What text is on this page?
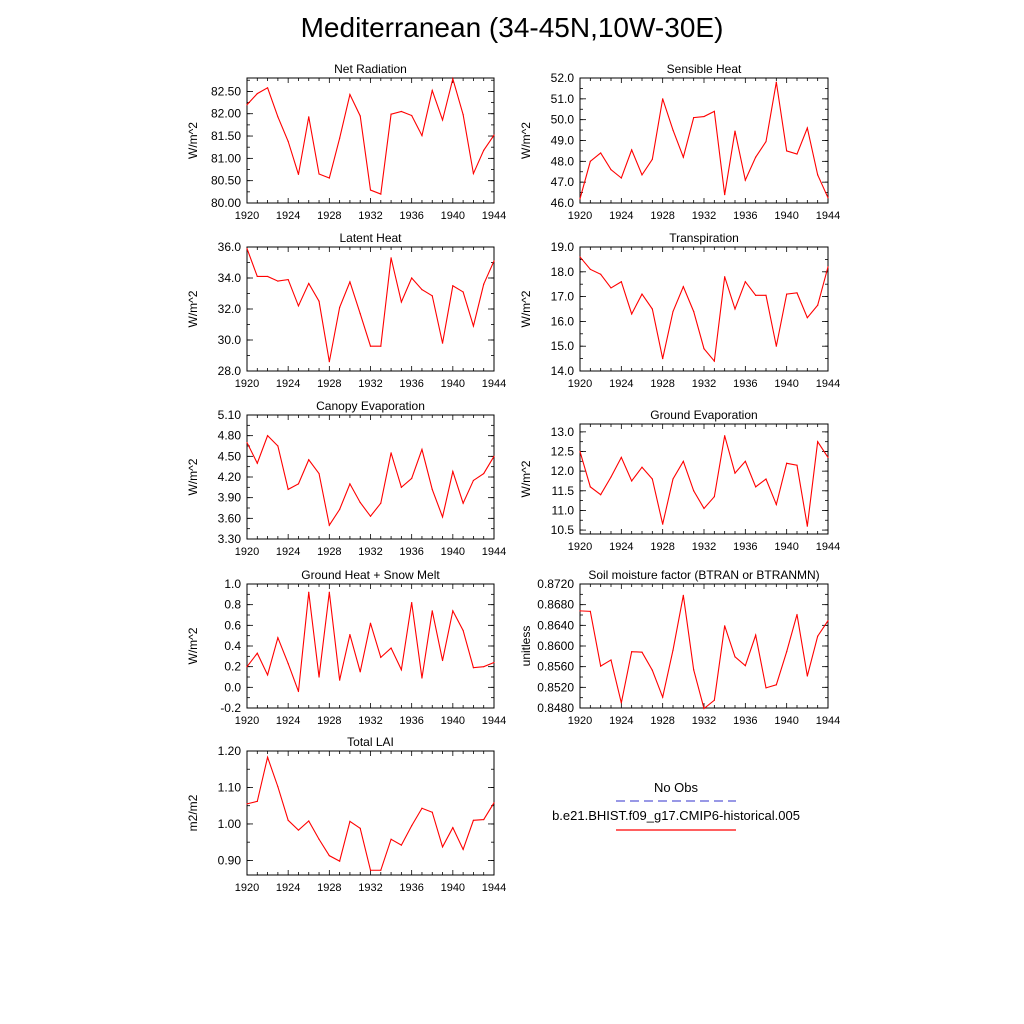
Mediterranean (34-45N,10W-30E)
1920 1924 1928 1932 1936 1940 1944
80.00
80.50
81.00
81.50
82.00
82.50
Net Radiation
W/m^2
1920 1924 1928 1932 1936 1940 1944
46.0
47.0
48.0
49.0
50.0
51.0
52.0
Sensible Heat
W/m^2
1920 1924 1928 1932 1936 1940 1944
28.0
30.0
32.0
34.0
36.0
Latent Heat
W/m^2
1920 1924 1928 1932 1936 1940 1944
14.0
15.0
16.0
17.0
18.0
19.0
Transpiration
W/m^2
1920 1924 1928 1932 1936 1940 1944
3.30
3.60
3.90
4.20
4.50
4.80
5.10
Canopy Evaporation
W/m^2
1920 1924 1928 1932 1936 1940 1944
10.5
11.0
11.5
12.0
12.5
13.0
Ground Evaporation
W/m^2
1920 1924 1928 1932 1936 1940 1944
-0.2
0.0
0.2
0.4
0.6
0.8
1.0
Ground Heat + Snow Melt
W/m^2
1920 1924 1928 1932 1936 1940 1944
0.8480
0.8520
0.8560
0.8600
0.8640
0.8680
0.8720
Soil moisture factor (BTRAN or BTRANMN)
unitless
1920 1924 1928 1932 1936 1940 1944
0.90
1.00
1.10
1.20
Total LAI
m2/m2
No Obs
b.e21.BHIST.f09_g17.CMIP6-historical.005
